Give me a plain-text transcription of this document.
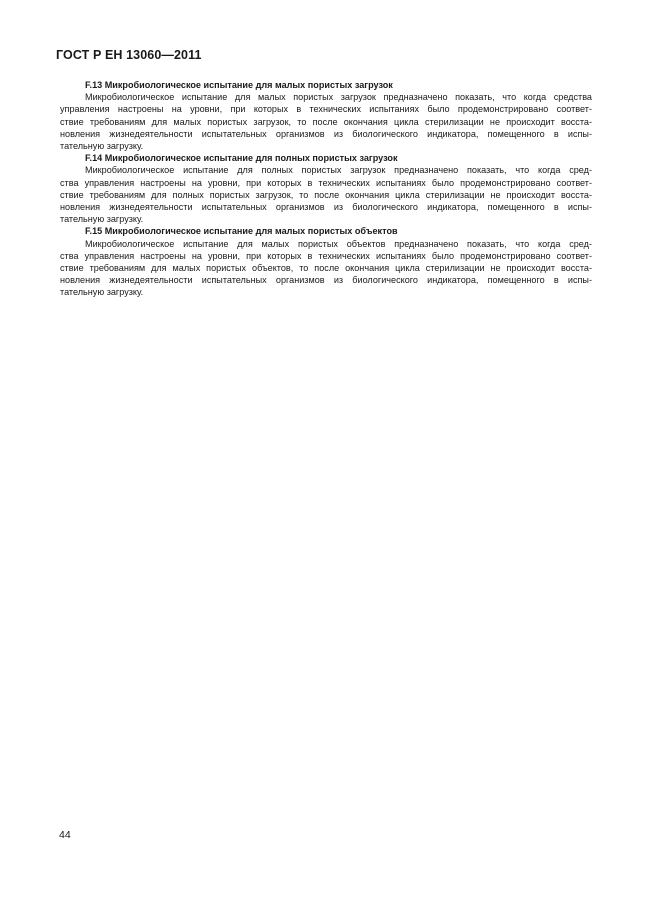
ГОСТ Р ЕН 13060—2011

F.13 Микробиологическое испытание для малых пористых загрузок

Микробиологическое испытание для малых пористых загрузок предназначено показать, что когда средства
управления настроены на уровни, при которых в технических испытаниях было продемонстрировано соответ-
ствие требованиям для малых пористых загрузок, то после окончания цикла стерилизации не происходит восста-
новления жизнедеятельности испытательных организмов из биологического индикатора, помещенного в испы-
тательную загрузку.

F.14 Микробиологическое испытание для полных пористых загрузок

Микробиологическое испытание для полных пористых загрузок предназначено показать, что когда сред-
ства управления настроены на уровни, при которых в технических испытаниях было продемонстрировано соответ-
ствие требованиям для полных пористых загрузок, то после окончания цикла стерилизации не происходит восста-
новления жизнедеятельности испытательных организмов из биологического индикатора, помещенного в испы-
тательную загрузку.

F.15 Микробиологическое испытание для малых пористых объектов

Микробиологическое испытание для малых пористых объектов предназначено показать, что когда сред-
ства управления настроены на уровни, при которых в технических испытаниях было продемонстрировано соответ-
ствие требованиям для малых пористых объектов, то после окончания цикла стерилизации не происходит восста-
новления жизнедеятельности испытательных организмов из биологического индикатора, помещенного в испы-
тательную загрузку.
44
